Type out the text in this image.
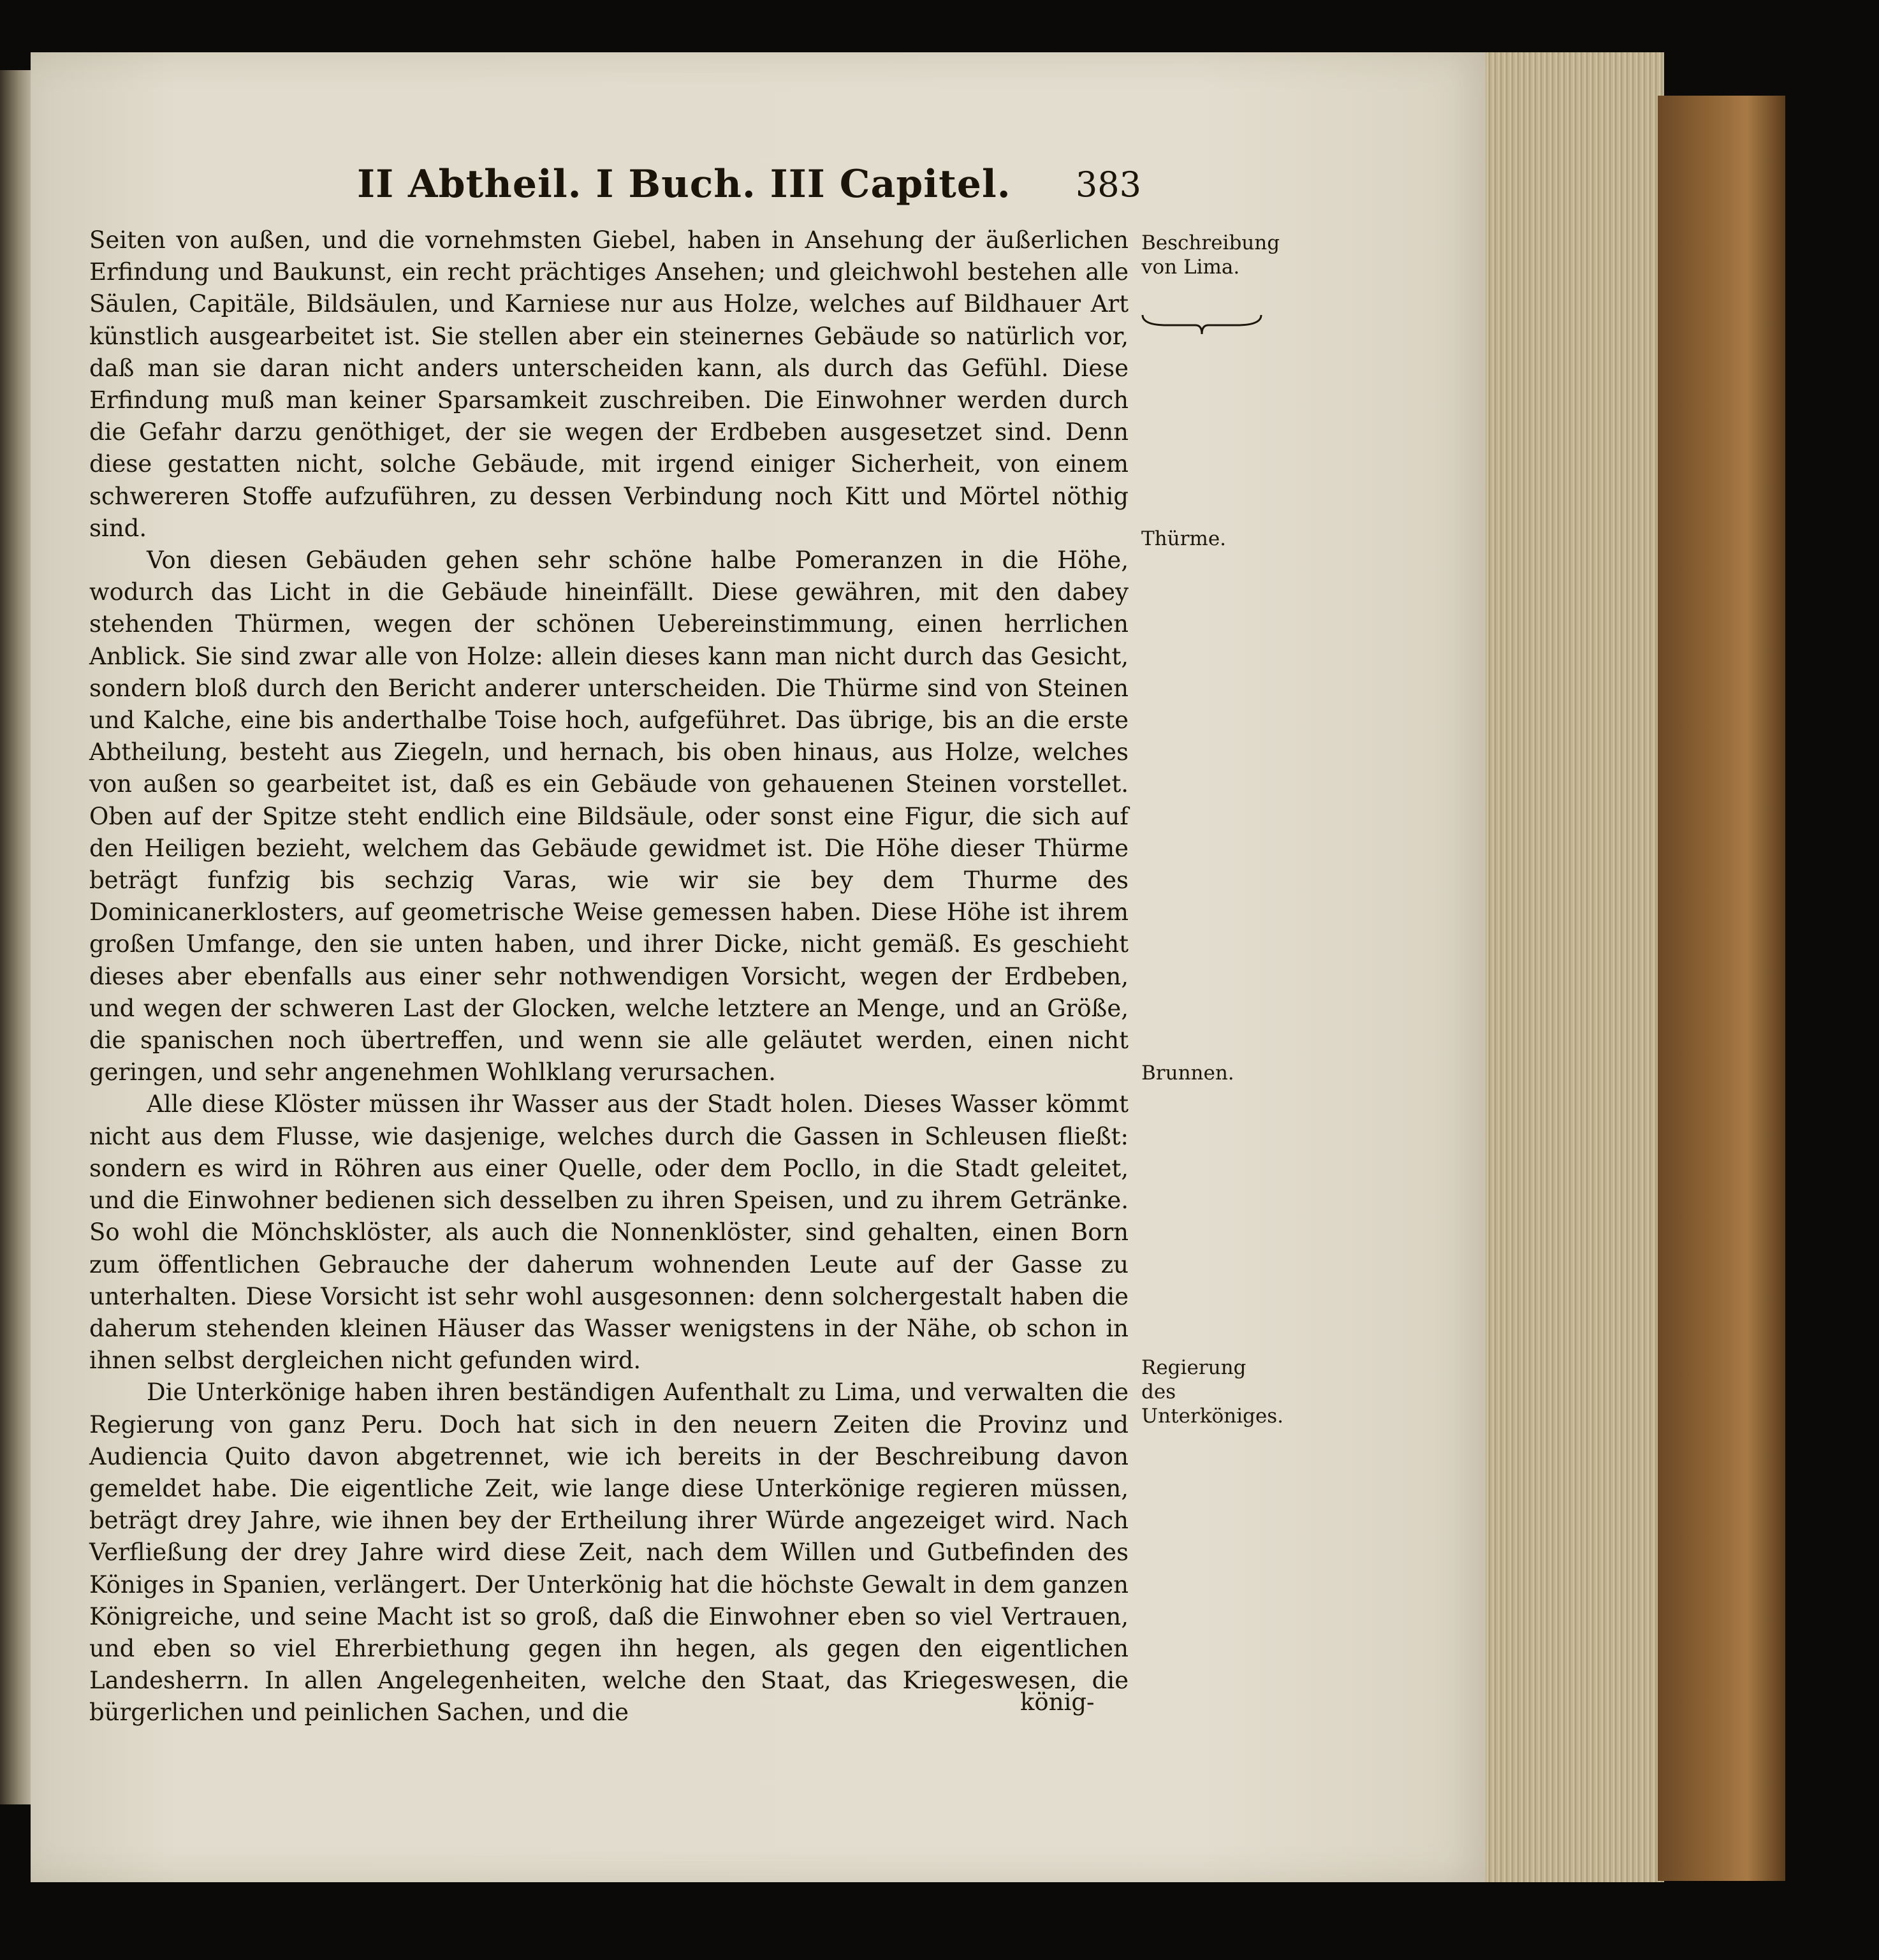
II Abtheil. I Buch. III Capitel. 383

Seiten von außen, und die vornehmsten Giebel, haben in Ansehung der äußerlichen Erfindung und Baukunst, ein recht prächtiges Ansehen; und gleichwohl bestehen alle Säulen, Capitäle, Bildsäulen, und Karniese nur aus Holze, welches auf Bildhauer Art künstlich ausgearbeitet ist. Sie stellen aber ein steinernes Gebäude so natürlich vor, daß man sie daran nicht anders unterscheiden kann, als durch das Gefühl. Diese Erfindung muß man keiner Sparsamkeit zuschreiben. Die Einwohner werden durch die Gefahr darzu genöthiget, der sie wegen der Erdbeben ausgesetzet sind. Denn diese gestatten nicht, solche Gebäude, mit irgend einiger Sicherheit, von einem schwereren Stoffe aufzuführen, zu dessen Verbindung noch Kitt und Mörtel nöthig sind.

Von diesen Gebäuden gehen sehr schöne halbe Pomeranzen in die Höhe, wodurch das Licht in die Gebäude hineinfällt. Diese gewähren, mit den dabey stehenden Thürmen, wegen der schönen Uebereinstimmung, einen herrlichen Anblick. Sie sind zwar alle von Holze: allein dieses kann man nicht durch das Gesicht, sondern bloß durch den Bericht anderer unterscheiden. Die Thürme sind von Steinen und Kalche, eine bis anderthalbe Toise hoch, aufgeführet. Das übrige, bis an die erste Abtheilung, besteht aus Ziegeln, und hernach, bis oben hinaus, aus Holze, welches von außen so gearbeitet ist, daß es ein Gebäude von gehauenen Steinen vorstellet. Oben auf der Spitze steht endlich eine Bildsäule, oder sonst eine Figur, die sich auf den Heiligen bezieht, welchem das Gebäude gewidmet ist. Die Höhe dieser Thürme beträgt funfzig bis sechzig Varas, wie wir sie bey dem Thurme des Dominicanerklosters, auf geometrische Weise gemessen haben. Diese Höhe ist ihrem großen Umfange, den sie unten haben, und ihrer Dicke, nicht gemäß. Es geschieht dieses aber ebenfalls aus einer sehr nothwendigen Vorsicht, wegen der Erdbeben, und wegen der schweren Last der Glocken, welche letztere an Menge, und an Größe, die spanischen noch übertreffen, und wenn sie alle geläutet werden, einen nicht geringen, und sehr angenehmen Wohlklang verursachen.

Alle diese Klöster müssen ihr Wasser aus der Stadt holen. Dieses Wasser kömmt nicht aus dem Flusse, wie dasjenige, welches durch die Gassen in Schleusen fließt: sondern es wird in Röhren aus einer Quelle, oder dem Pocllo, in die Stadt geleitet, und die Einwohner bedienen sich desselben zu ihren Speisen, und zu ihrem Getränke. So wohl die Mönchsklöster, als auch die Nonnenklöster, sind gehalten, einen Born zum öffentlichen Gebrauche der daherum wohnenden Leute auf der Gasse zu unterhalten. Diese Vorsicht ist sehr wohl ausgesonnen: denn solchergestalt haben die daherum stehenden kleinen Häuser das Wasser wenigstens in der Nähe, ob schon in ihnen selbst dergleichen nicht gefunden wird.

Die Unterkönige haben ihren beständigen Aufenthalt zu Lima, und verwalten die Regierung von ganz Peru. Doch hat sich in den neuern Zeiten die Provinz und Audiencia Quito davon abgetrennet, wie ich bereits in der Beschreibung davon gemeldet habe. Die eigentliche Zeit, wie lange diese Unterkönige regieren müssen, beträgt drey Jahre, wie ihnen bey der Ertheilung ihrer Würde angezeiget wird. Nach Verfließung der drey Jahre wird diese Zeit, nach dem Willen und Gutbefinden des Königes in Spanien, verlängert. Der Unterkönig hat die höchste Gewalt in dem ganzen Königreiche, und seine Macht ist so groß, daß die Einwohner eben so viel Vertrauen, und eben so viel Ehrerbiethung gegen ihn hegen, als gegen den eigentlichen Landesherrn. In allen Angelegenheiten, welche den Staat, das Kriegeswesen, die bürgerlichen und peinlichen Sachen, und die	könig-
Beschreibung von Lima.
Thürme.
Brunnen.
Regierung des Unterköniges.
